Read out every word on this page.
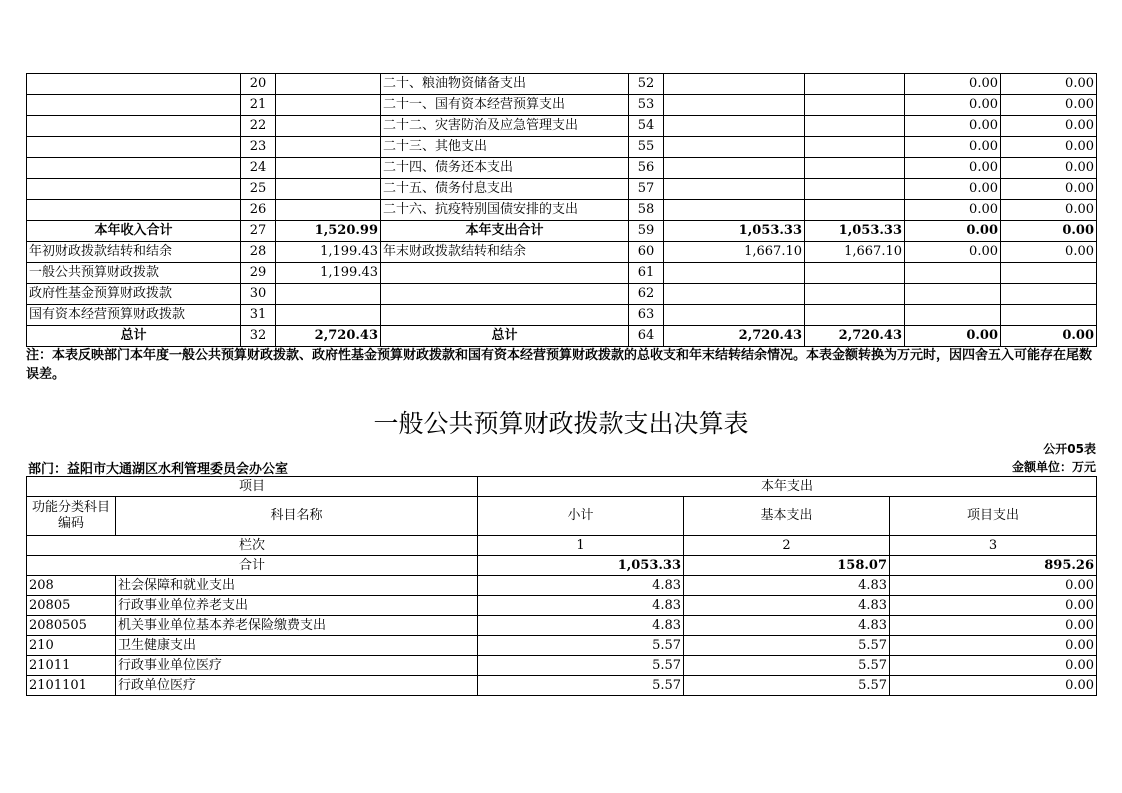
	20		二十、粮油物资储备支出	52			0.00	0.00
	21		二十一、国有资本经营预算支出	53			0.00	0.00
	22		二十二、灾害防治及应急管理支出	54			0.00	0.00
	23		二十三、其他支出	55			0.00	0.00
	24		二十四、债务还本支出	56			0.00	0.00
	25		二十五、债务付息支出	57			0.00	0.00
	26		二十六、抗疫特别国债安排的支出	58			0.00	0.00
本年收入合计	27	1,520.99	本年支出合计	59	1,053.33	1,053.33	0.00	0.00
年初财政拨款结转和结余	28	1,199.43	年末财政拨款结转和结余	60	1,667.10	1,667.10	0.00	0.00
一般公共预算财政拨款	29	1,199.43		61				
政府性基金预算财政拨款	30			62				
国有资本经营预算财政拨款	31			63				
总计	32	2,720.43	总计	64	2,720.43	2,720.43	0.00	0.00
注：本表反映部门本年度一般公共预算财政拨款、政府性基金预算财政拨款和国有资本经营预算财政拨款的总收支和年末结转结余情况。本表金额转换为万元时，因四舍五入可能存在尾数误差。
一般公共预算财政拨款支出决算表
公开05表
部门：益阳市大通湖区水利管理委员会办公室	金额单位：万元
项目		本年支出		
功能分类科目编码	科目名称	小计	基本支出	项目支出
栏次		1	2	3
合计		1,053.33	158.07	895.26
208	社会保障和就业支出	4.83	4.83	0.00
20805	行政事业单位养老支出	4.83	4.83	0.00
2080505	机关事业单位基本养老保险缴费支出	4.83	4.83	0.00
210	卫生健康支出	5.57	5.57	0.00
21011	行政事业单位医疗	5.57	5.57	0.00
2101101	行政单位医疗	5.57	5.57	0.00
